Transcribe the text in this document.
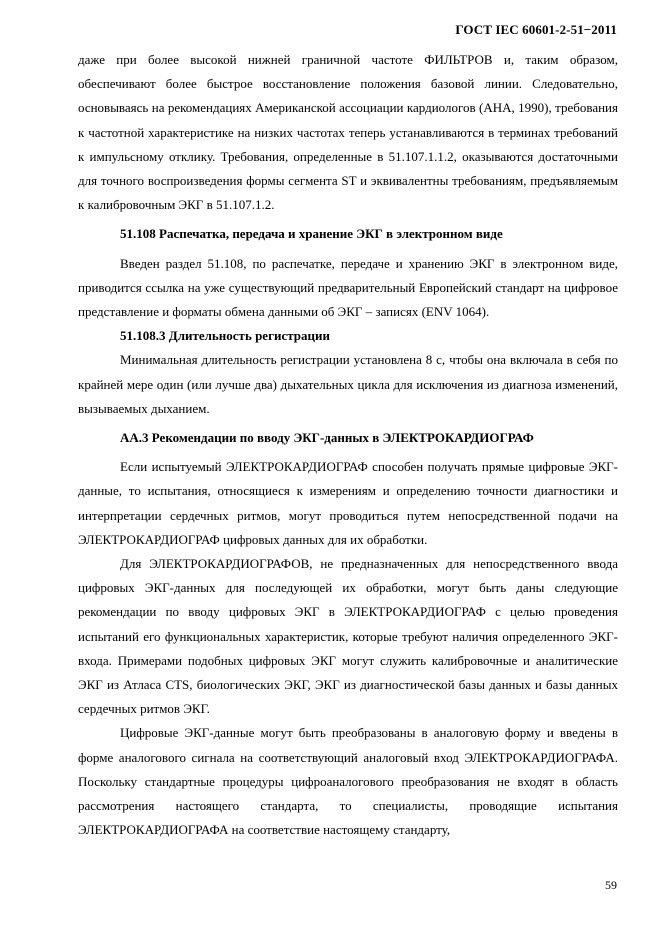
ГОСТ IEC 60601-2-51−2011

даже при более высокой нижней граничной частоте ФИЛЬТРОВ и, таким образом, обеспечивают более быстрое восстановление положения базовой линии. Следовательно, основываясь на рекомендациях Американской ассоциации кардиологов (АНА, 1990), требования к частотной характеристике на низких частотах теперь устанавливаются в терминах требований к импульсному отклику. Требования, определенные в 51.107.1.1.2, оказываются достаточными для точного воспроизведения формы сегмента ST и эквивалентны требованиям, предъявляемым к калибровочным ЭКГ в 51.107.1.2.

51.108 Распечатка, передача и хранение ЭКГ в электронном виде

Введен раздел 51.108, по распечатке, передаче и хранению ЭКГ в электронном виде, приводится ссылка на уже существующий предварительный Европейский стандарт на цифровое представление и форматы обмена данными об ЭКГ – записях (ENV 1064).

51.108.3 Длительность регистрации

Минимальная длительность регистрации установлена 8 с, чтобы она включала в себя по крайней мере один (или лучше два) дыхательных цикла для исключения из диагноза изменений, вызываемых дыханием.

АА.3 Рекомендации по вводу ЭКГ-данных в ЭЛЕКТРОКАРДИОГРАФ

Если испытуемый ЭЛЕКТРОКАРДИОГРАФ способен получать прямые цифровые ЭКГ-данные, то испытания, относящиеся к измерениям и определению точности диагностики и интерпретации сердечных ритмов, могут проводиться путем непосредственной подачи на ЭЛЕКТРОКАРДИОГРАФ цифровых данных для их обработки.

Для ЭЛЕКТРОКАРДИОГРАФОВ, не предназначенных для непосредственного ввода цифровых ЭКГ-данных для последующей их обработки, могут быть даны следующие рекомендации по вводу цифровых ЭКГ в ЭЛЕКТРОКАРДИОГРАФ с целью проведения испытаний его функциональных характеристик, которые требуют наличия определенного ЭКГ-входа. Примерами подобных цифровых ЭКГ могут служить калибровочные и аналитические ЭКГ из Атласа CTS, биологических ЭКГ, ЭКГ из диагностической базы данных и базы данных сердечных ритмов ЭКГ.

Цифровые ЭКГ-данные могут быть преобразованы в аналоговую форму и введены в форме аналогового сигнала на соответствующий аналоговый вход ЭЛЕКТРОКАРДИОГРАФА. Поскольку стандартные процедуры цифроаналогового преобразования не входят в область рассмотрения настоящего стандарта, то специалисты, проводящие испытания ЭЛЕКТРОКАРДИОГРАФА на соответствие настоящему стандарту,

59
